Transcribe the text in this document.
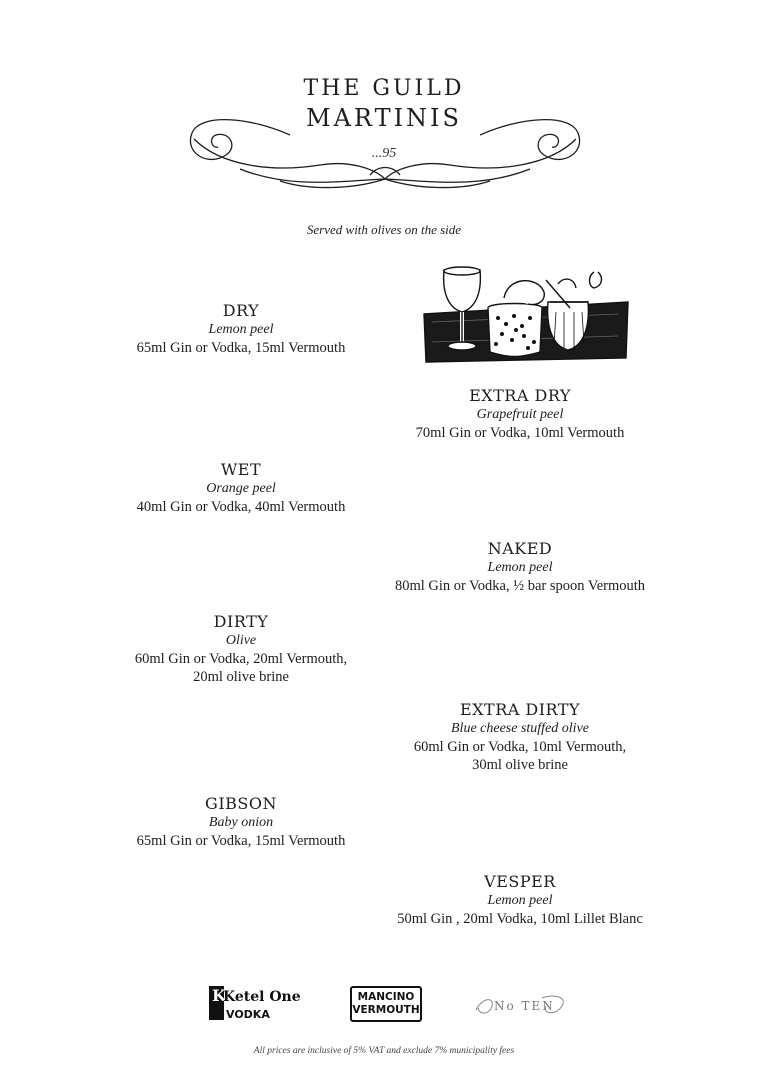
THE GUILD
MARTINIS
...95
Served with olives on the side
DRY
Lemon peel
65ml Gin or Vodka, 15ml Vermouth
EXTRA DRY
Grapefruit peel
70ml Gin or Vodka, 10ml Vermouth
WET
Orange peel
40ml Gin or Vodka, 40ml Vermouth
NAKED
Lemon peel
80ml Gin or Vodka, ½ bar spoon Vermouth
DIRTY
Olive
60ml Gin or Vodka, 20ml Vermouth,
20ml olive brine
EXTRA DIRTY
Blue cheese stuffed olive
60ml Gin or Vodka, 10ml Vermouth,
30ml olive brine
GIBSON
Baby onion
65ml Gin or Vodka, 15ml Vermouth
VESPER
Lemon peel
50ml Gin , 20ml Vodka, 10ml Lillet Blanc
K
Ketel One
VODKA
MANCINO
VERMOUTH	No TEN
All prices are inclusive of 5% VAT and exclude 7% municipality fees
